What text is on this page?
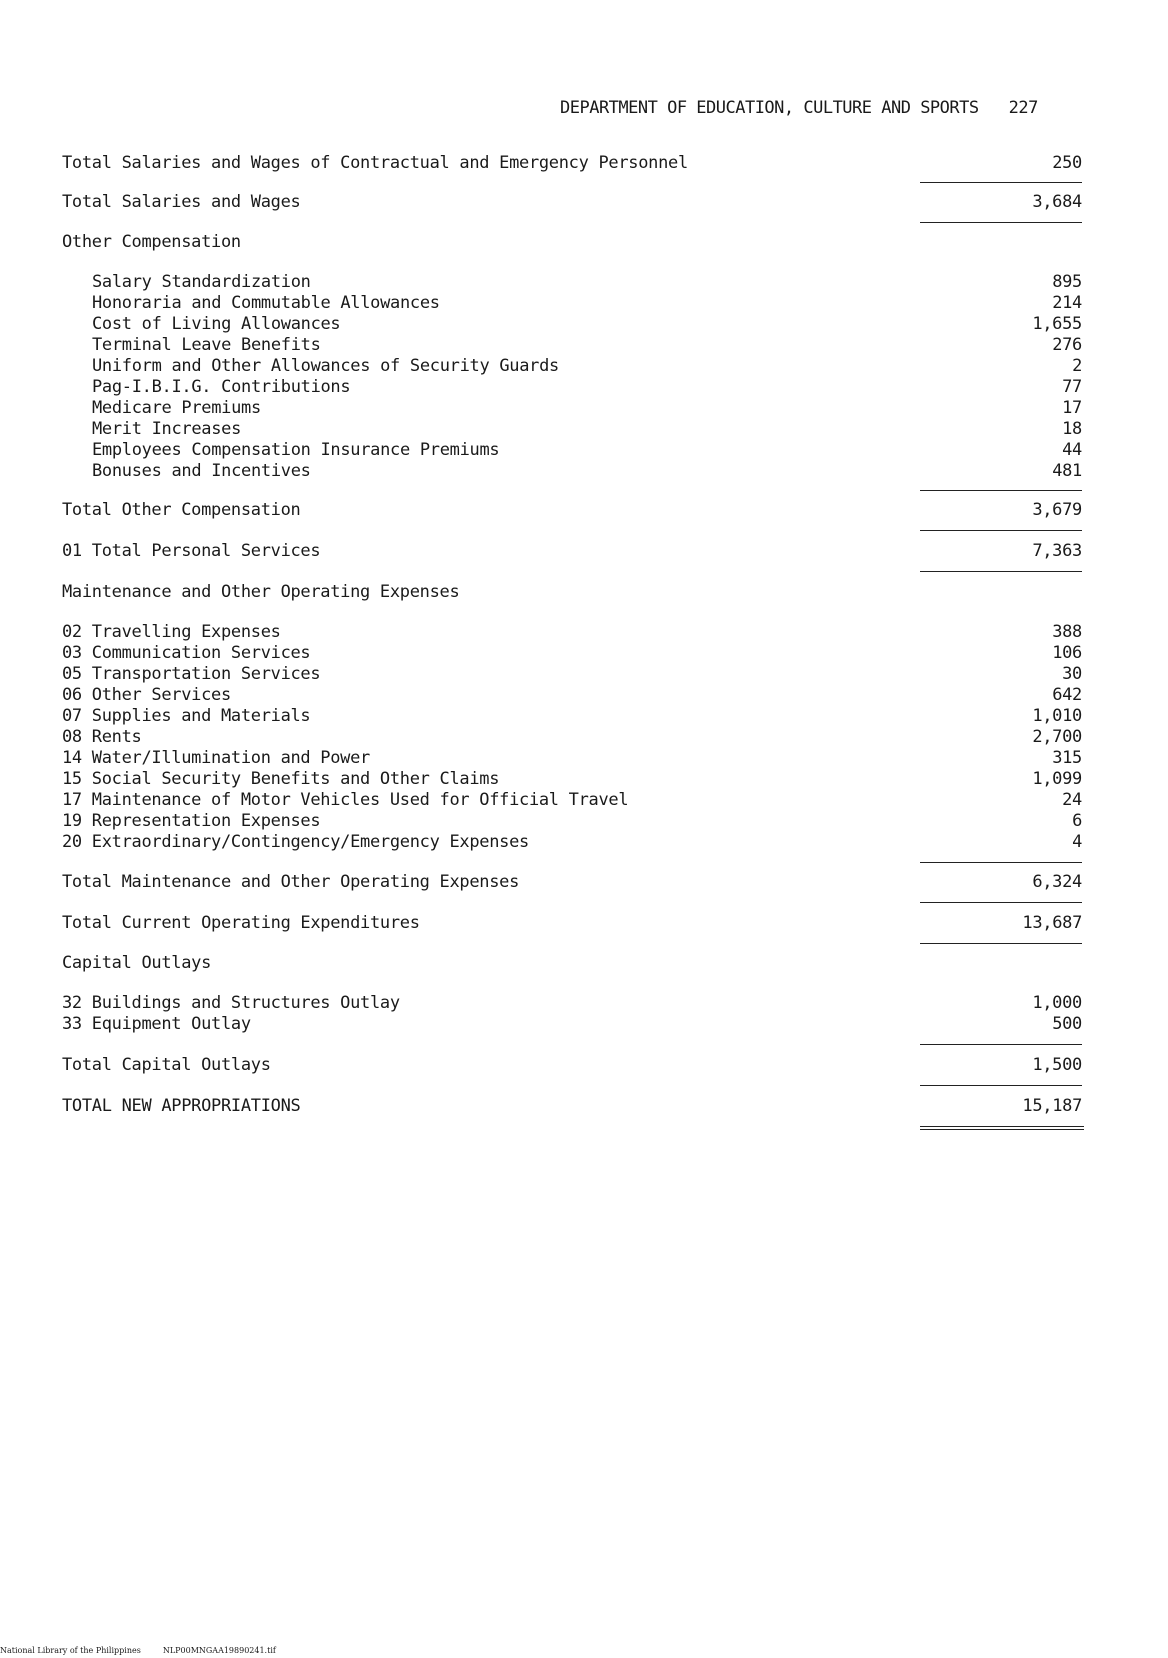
DEPARTMENT OF EDUCATION, CULTURE AND SPORTS 227
Total Salaries and Wages of Contractual and Emergency Personnel	250
Total Salaries and Wages	3,684
Other Compensation
Salary Standardization	895
Honoraria and Commutable Allowances	214
Cost of Living Allowances	1,655
Terminal Leave Benefits	276
Uniform and Other Allowances of Security Guards	2
Pag-I.B.I.G. Contributions	77
Medicare Premiums	17
Merit Increases	18
Employees Compensation Insurance Premiums	44
Bonuses and Incentives	481
Total Other Compensation	3,679
01 Total Personal Services	7,363
Maintenance and Other Operating Expenses
02 Travelling Expenses	388
03 Communication Services	106
05 Transportation Services	30
06 Other Services	642
07 Supplies and Materials	1,010
08 Rents	2,700
14 Water/Illumination and Power	315
15 Social Security Benefits and Other Claims	1,099
17 Maintenance of Motor Vehicles Used for Official Travel	24
19 Representation Expenses	6
20 Extraordinary/Contingency/Emergency Expenses	4
Total Maintenance and Other Operating Expenses	6,324
Total Current Operating Expenditures	13,687
Capital Outlays
32 Buildings and Structures Outlay	1,000
33 Equipment Outlay	500
Total Capital Outlays	1,500
TOTAL NEW APPROPRIATIONS	15,187
National Library of the Philippines	NLP00MNGAA19890241.tif
